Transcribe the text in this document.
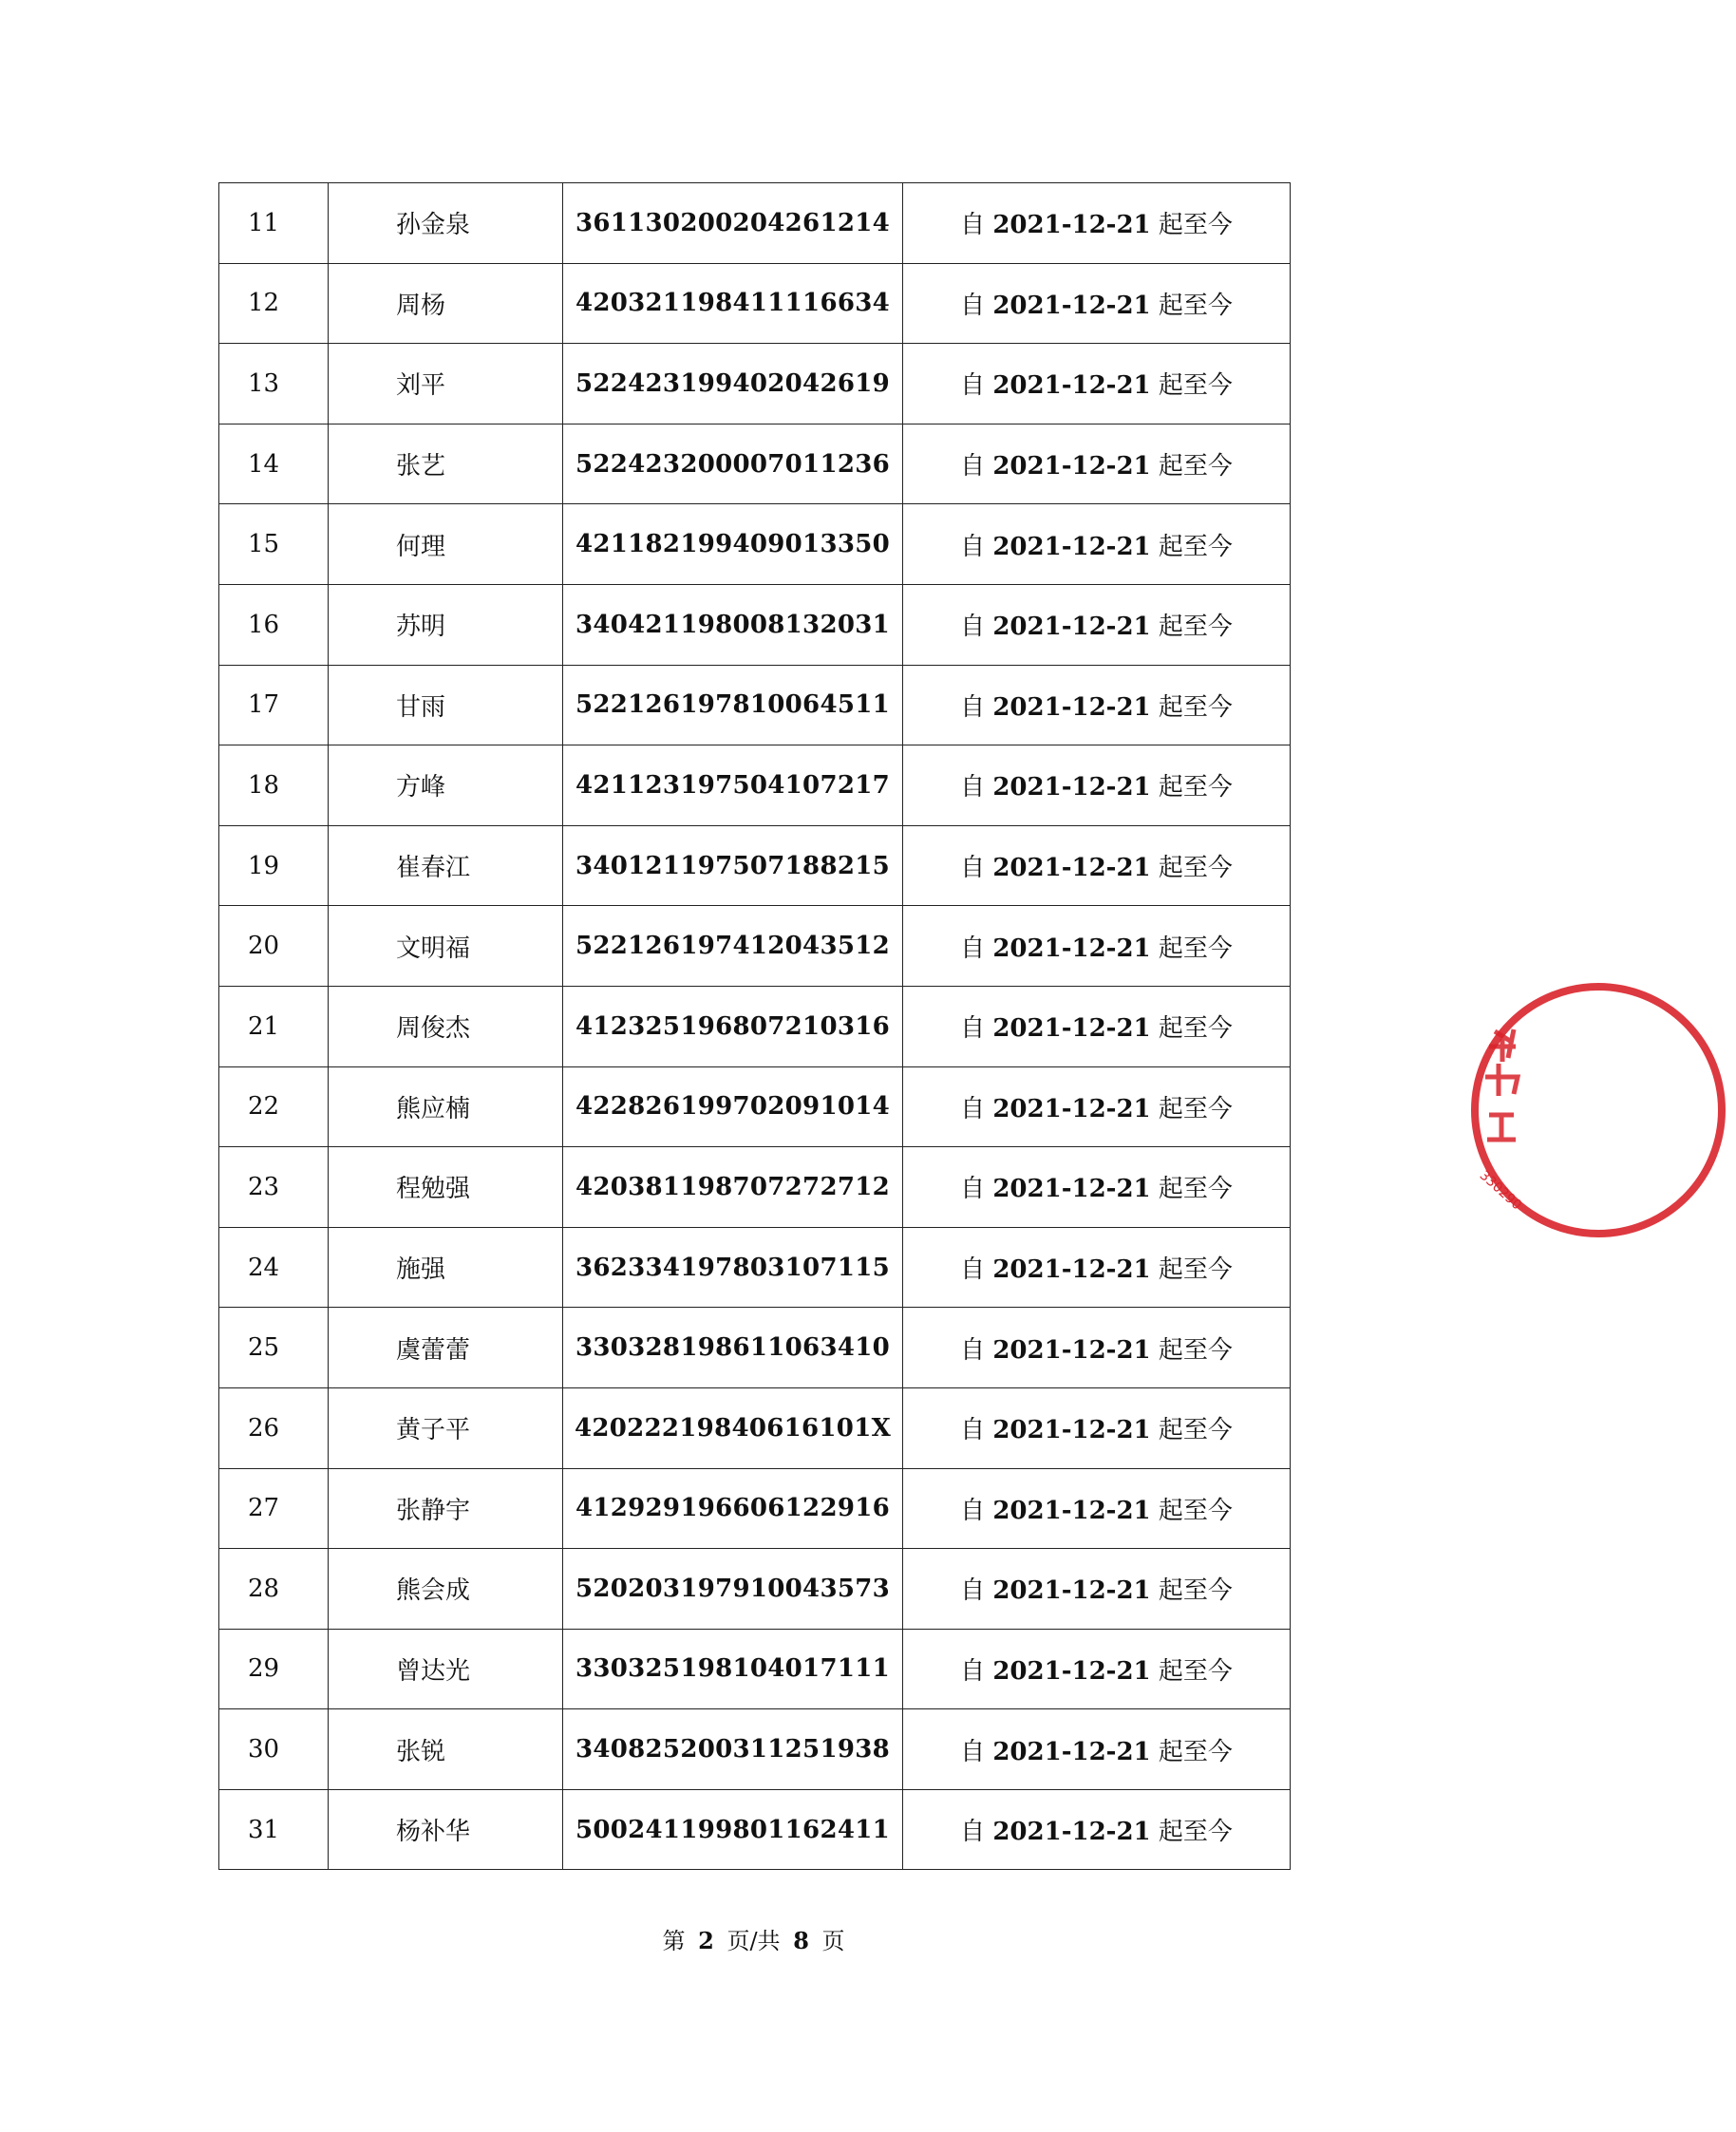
11	孙金泉	361130200204261214	自 2021-12-21 起至今
12	周杨	420321198411116634	自 2021-12-21 起至今
13	刘平	522423199402042619	自 2021-12-21 起至今
14	张艺	522423200007011236	自 2021-12-21 起至今
15	何理	421182199409013350	自 2021-12-21 起至今
16	苏明	340421198008132031	自 2021-12-21 起至今
17	甘雨	522126197810064511	自 2021-12-21 起至今
18	方峰	421123197504107217	自 2021-12-21 起至今
19	崔春江	340121197507188215	自 2021-12-21 起至今
20	文明福	522126197412043512	自 2021-12-21 起至今
21	周俊杰	412325196807210316	自 2021-12-21 起至今
22	熊应楠	422826199702091014	自 2021-12-21 起至今
23	程勉强	420381198707272712	自 2021-12-21 起至今
24	施强	362334197803107115	自 2021-12-21 起至今
25	虞蕾蕾	330328198611063410	自 2021-12-21 起至今
26	黄子平	42022219840616101X	自 2021-12-21 起至今
27	张静宇	412929196606122916	自 2021-12-21 起至今
28	熊会成	520203197910043573	自 2021-12-21 起至今
29	曾达光	330325198104017111	自 2021-12-21 起至今
30	张锐	340825200311251938	自 2021-12-21 起至今
31	杨补华	500241199801162411	自 2021-12-21 起至今
第 2 页/共 8 页
330290
